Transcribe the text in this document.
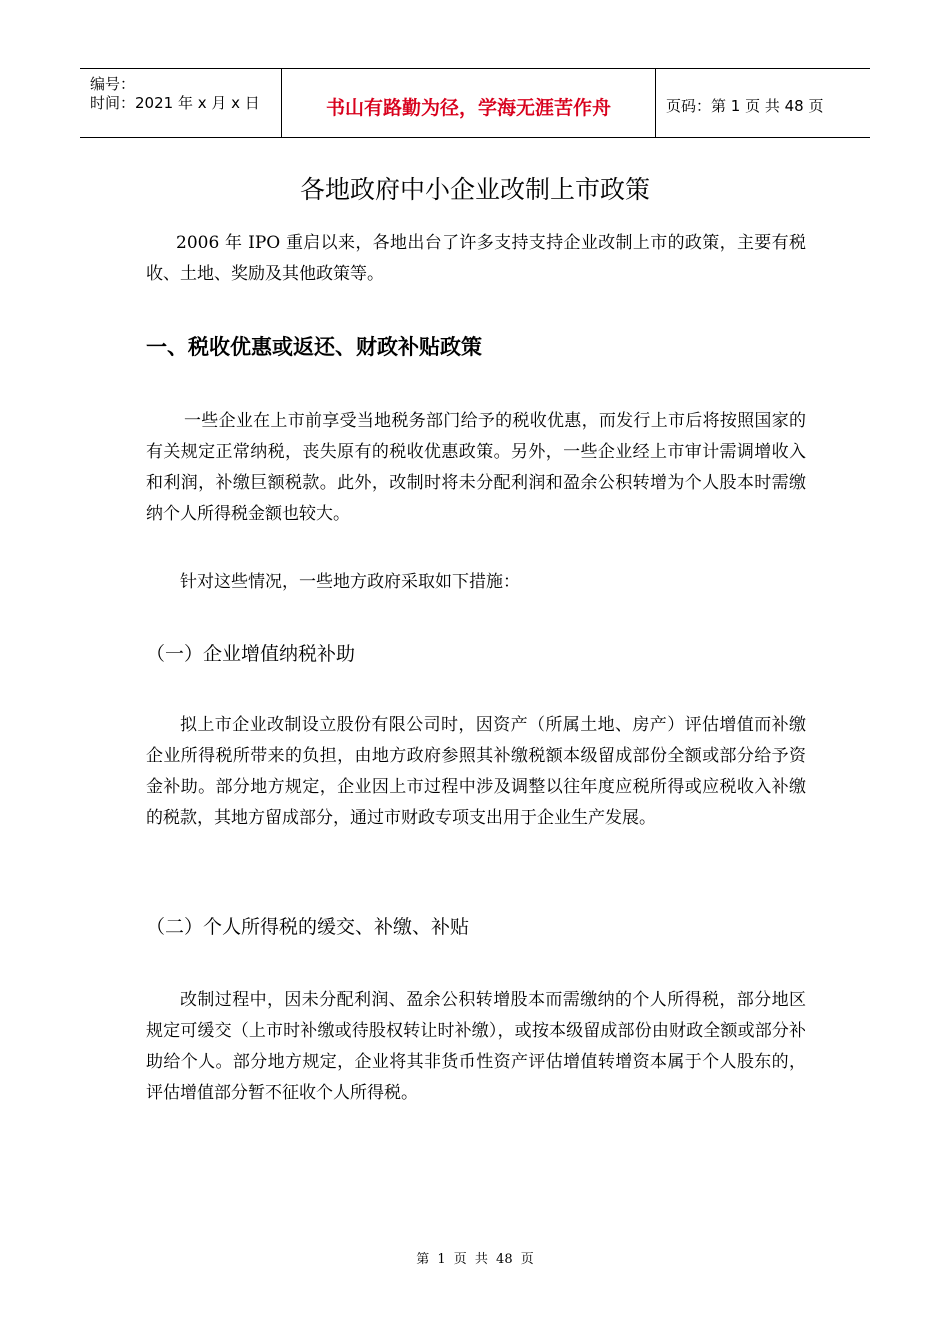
编号：
时间：2021 年 x 月 x 日	书山有路勤为径，学海无涯苦作舟	页码：第 1 页 共 48 页
各地政府中小企业改制上市政策
2006 年 IPO 重启以来，各地出台了许多支持支持企业改制上市的政策，主要有税收、土地、奖励及其他政策等。
一、税收优惠或返还、财政补贴政策
一些企业在上市前享受当地税务部门给予的税收优惠，而发行上市后将按照国家的有关规定正常纳税，丧失原有的税收优惠政策。另外，一些企业经上市审计需调增收入和利润，补缴巨额税款。此外，改制时将未分配利润和盈余公积转增为个人股本时需缴纳个人所得税金额也较大。
针对这些情况，一些地方政府采取如下措施：
（一）企业增值纳税补助
拟上市企业改制设立股份有限公司时，因资产（所属土地、房产）评估增值而补缴企业所得税所带来的负担，由地方政府参照其补缴税额本级留成部份全额或部分给予资金补助。部分地方规定，企业因上市过程中涉及调整以往年度应税所得或应税收入补缴的税款，其地方留成部分，通过市财政专项支出用于企业生产发展。
（二）个人所得税的缓交、补缴、补贴
改制过程中，因未分配利润、盈余公积转增股本而需缴纳的个人所得税，部分地区规定可缓交（上市时补缴或待股权转让时补缴），或按本级留成部份由财政全额或部分补助给个人。部分地方规定，企业将其非货币性资产评估增值转增资本属于个人股东的，评估增值部分暂不征收个人所得税。
第 1 页 共 48 页
